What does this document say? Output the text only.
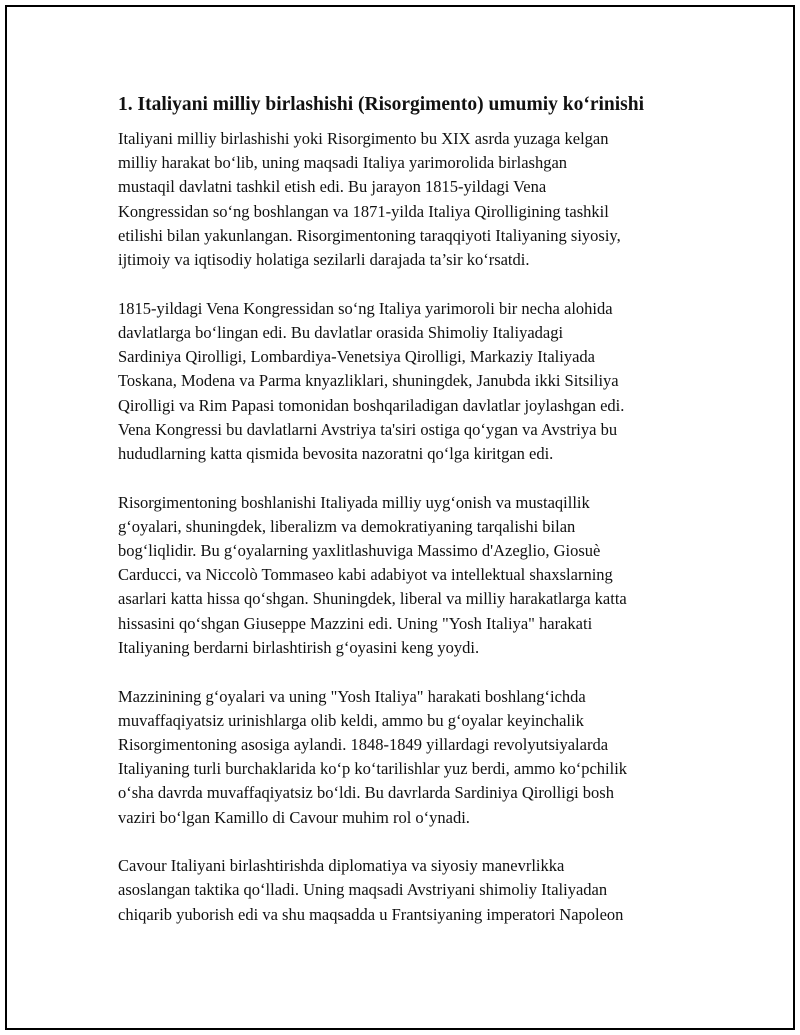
1. Italiyani milliy birlashishi (Risorgimento) umumiy ko‘rinishi
Italiyani milliy birlashishi yoki Risorgimento bu XIX asrda yuzaga kelgan
milliy harakat bo‘lib, uning maqsadi Italiya yarimorolida birlashgan
mustaqil davlatni tashkil etish edi. Bu jarayon 1815-yildagi Vena
Kongressidan so‘ng boshlangan va 1871-yilda Italiya Qirolligining tashkil
etilishi bilan yakunlangan. Risorgimentoning taraqqiyoti Italiyaning siyosiy,
ijtimoiy va iqtisodiy holatiga sezilarli darajada ta’sir ko‘rsatdi.
1815-yildagi Vena Kongressidan so‘ng Italiya yarimoroli bir necha alohida
davlatlarga bo‘lingan edi. Bu davlatlar orasida Shimoliy Italiyadagi
Sardiniya Qirolligi, Lombardiya-Venetsiya Qirolligi, Markaziy Italiyada
Toskana, Modena va Parma knyazliklari, shuningdek, Janubda ikki Sitsiliya
Qirolligi va Rim Papasi tomonidan boshqariladigan davlatlar joylashgan edi.
Vena Kongressi bu davlatlarni Avstriya ta'siri ostiga qo‘ygan va Avstriya bu
hududlarning katta qismida bevosita nazoratni qo‘lga kiritgan edi.
Risorgimentoning boshlanishi Italiyada milliy uyg‘onish va mustaqillik
g‘oyalari, shuningdek, liberalizm va demokratiyaning tarqalishi bilan
bog‘liqlidir. Bu g‘oyalarning yaxlitlashuviga Massimo d'Azeglio, Giosuè
Carducci, va Niccolò Tommaseo kabi adabiyot va intellektual shaxslarning
asarlari katta hissa qo‘shgan. Shuningdek, liberal va milliy harakatlarga katta
hissasini qo‘shgan Giuseppe Mazzini edi. Uning "Yosh Italiya" harakati
Italiyaning berdarni birlashtirish g‘oyasini keng yoydi.
Mazzinining g‘oyalari va uning "Yosh Italiya" harakati boshlang‘ichda
muvaffaqiyatsiz urinishlarga olib keldi, ammo bu g‘oyalar keyinchalik
Risorgimentoning asosiga aylandi. 1848-1849 yillardagi revolyutsiyalarda
Italiyaning turli burchaklarida ko‘p ko‘tarilishlar yuz berdi, ammo ko‘pchilik
o‘sha davrda muvaffaqiyatsiz bo‘ldi. Bu davrlarda Sardiniya Qirolligi bosh
vaziri bo‘lgan Kamillo di Cavour muhim rol o‘ynadi.
Cavour Italiyani birlashtirishda diplomatiya va siyosiy manevrlikka
asoslangan taktika qo‘lladi. Uning maqsadi Avstriyani shimoliy Italiyadan
chiqarib yuborish edi va shu maqsadda u Frantsiyaning imperatori Napoleon
